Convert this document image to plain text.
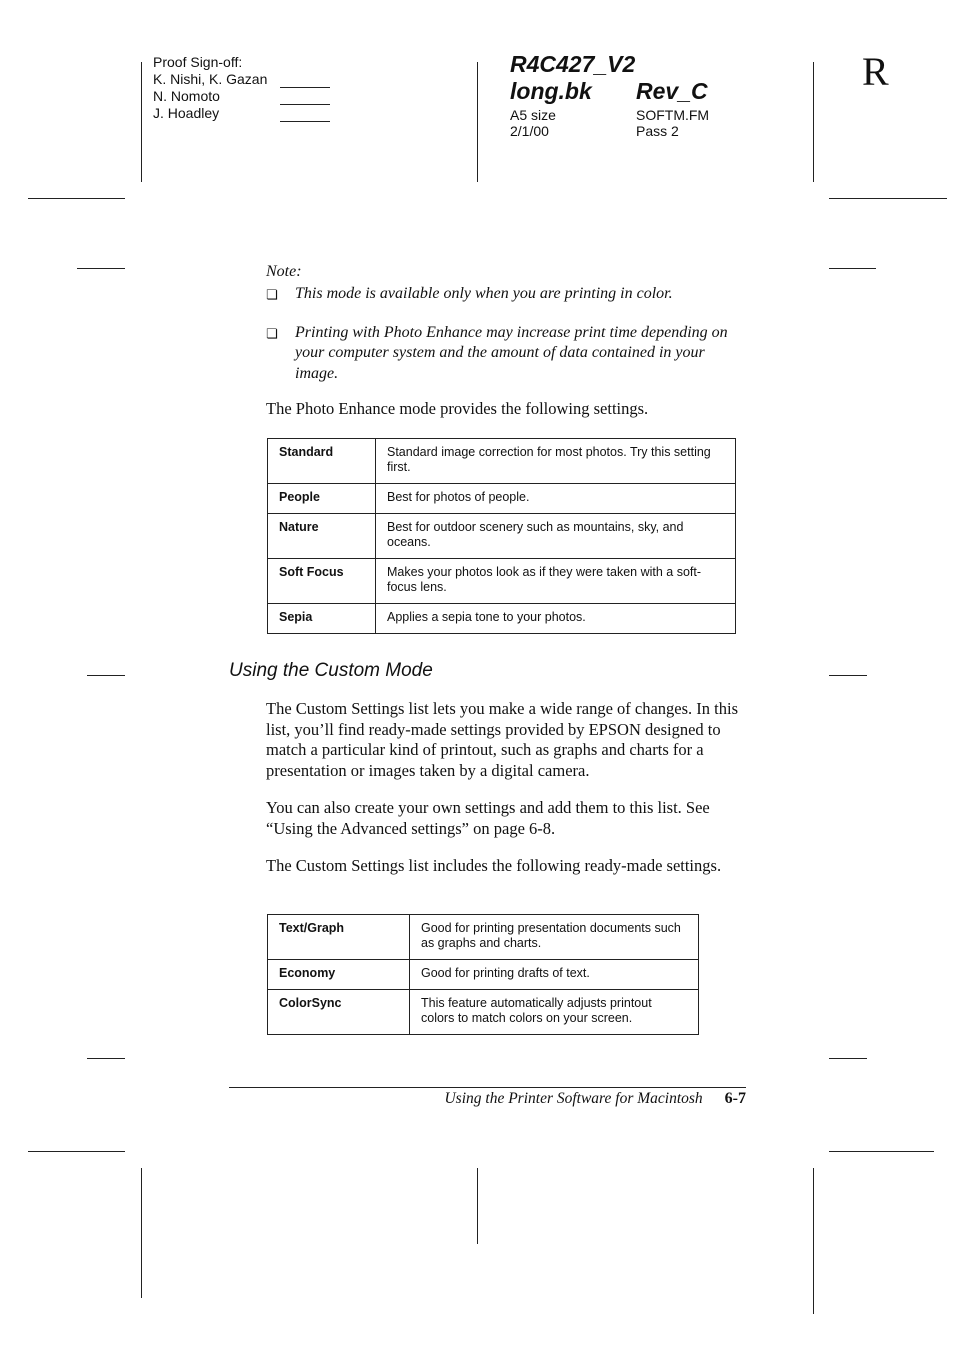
Proof Sign-off:
K. Nishi, K. Gazan
N. Nomoto
J. Hoadley
R4C427_V2
long.bk	Rev_C
A5 size	SOFTM.FM
2/1/00	Pass 2
R
Note:
❏	This mode is available only when you are printing in color.
❏	Printing with Photo Enhance may increase print time depending on your computer system and the amount of data contained in your image.
The Photo Enhance mode provides the following settings.
Standard	Standard image correction for most photos. Try this setting first.
People	Best for photos of people.
Nature	Best for outdoor scenery such as mountains, sky, and oceans.
Soft Focus	Makes your photos look as if they were taken with a soft-focus lens.
Sepia	Applies a sepia tone to your photos.
Using the Custom Mode

The Custom Settings list lets you make a wide range of changes. In this list, you’ll find ready-made settings provided by EPSON designed to match a particular kind of printout, such as graphs and charts for a presentation or images taken by a digital camera.

You can also create your own settings and add them to this list. See “Using the Advanced settings” on page 6-8.

The Custom Settings list includes the following ready-made settings.

Text/Graph	Good for printing presentation documents such as graphs and charts.
Economy	Good for printing drafts of text.
ColorSync	This feature automatically adjusts printout colors to match colors on your screen.
Using the Printer Software for Macintosh 6-7
